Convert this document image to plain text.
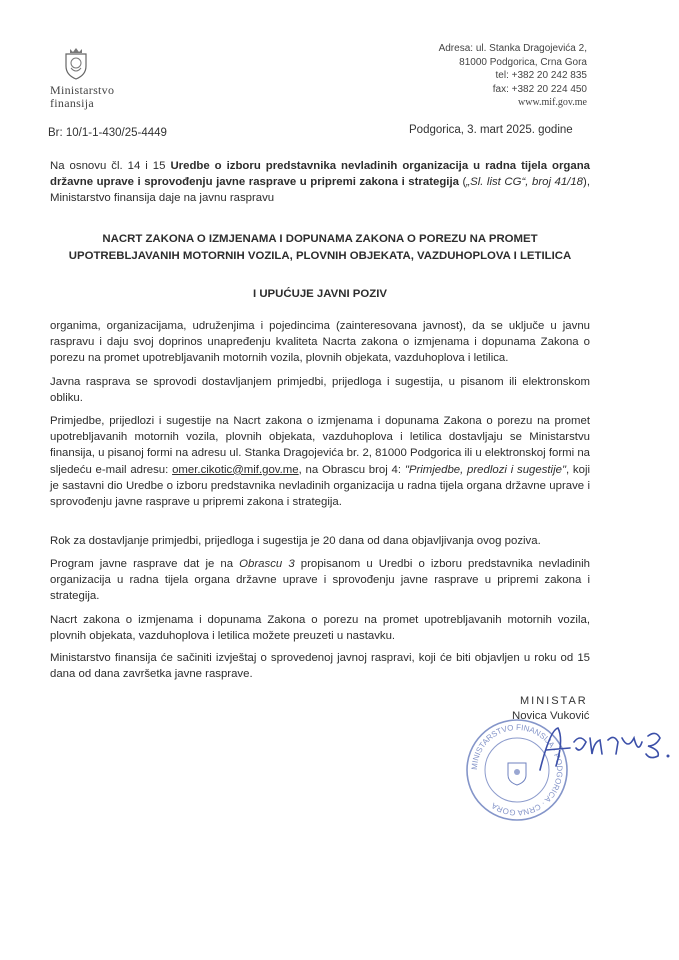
Ministarstvo
finansija
Adresa: ul. Stanka Dragojevića 2,
81000 Podgorica, Crna Gora
tel: +382 20 242 835
fax: +382 20 224 450
www.mif.gov.me
Br: 10/1-1-430/25-4449	Podgorica, 3. mart 2025. godine
Na osnovu čl. 14 i 15 Uredbe o izboru predstavnika nevladinih organizacija u radna tijela organa državne uprave i sprovođenju javne rasprave u pripremi zakona i strategija („Sl. list CG“, broj 41/18), Ministarstvo finansija daje na javnu raspravu
NACRT ZAKONA O IZMJENAMA I DOPUNAMA ZAKONA O POREZU NA PROMET UPOTREBLJAVANIH MOTORNIH VOZILA, PLOVNIH OBJEKATA, VAZDUHOPLOVA I LETILICA
I UPUĆUJE JAVNI POZIV
organima, organizacijama, udruženjima i pojedincima (zainteresovana javnost), da se uključe u javnu raspravu i daju svoj doprinos unapređenju kvaliteta Nacrta zakona o izmjenama i dopunama Zakona o porezu na promet upotrebljavanih motornih vozila, plovnih objekata, vazduhoplova i letilica.
Javna rasprava se sprovodi dostavljanjem primjedbi, prijedloga i sugestija, u pisanom ili elektronskom obliku.
Primjedbe, prijedlozi i sugestije na Nacrt zakona o izmjenama i dopunama Zakona o porezu na promet upotrebljavanih motornih vozila, plovnih objekata, vazduhoplova i letilica dostavljaju se Ministarstvu finansija, u pisanoj formi na adresu ul. Stanka Dragojevića br. 2, 81000 Podgorica ili u elektronskoj formi na sljedeću e-mail adresu: omer.cikotic@mif.gov.me, na Obrascu broj 4: "Primjedbe, predlozi i sugestije", koji je sastavni dio Uredbe o izboru predstavnika nevladinih organizacija u radna tijela organa državne uprave i sprovođenju javne rasprave u pripremi zakona i strategija.
Rok za dostavljanje primjedbi, prijedloga i sugestija je 20 dana od dana objavljivanja ovog poziva.
Program javne rasprave dat je na Obrascu 3 propisanom u Uredbi o izboru predstavnika nevladinih organizacija u radna tijela organa državne uprave i sprovođenju javne rasprave u pripremi zakona i strategija.
Nacrt zakona o izmjenama i dopunama Zakona o porezu na promet upotrebljavanih motornih vozila, plovnih objekata, vazduhoplova i letilica možete preuzeti u nastavku.
Ministarstvo finansija će sačiniti izvještaj o sprovedenoj javnoj raspravi, koji će biti objavljen u roku od 15 dana od dana završetka javne rasprave.
MINISTAR
Novica Vuković
MINISTARSTVO FINANSIJA · PODGORICA · CRNA GORA
